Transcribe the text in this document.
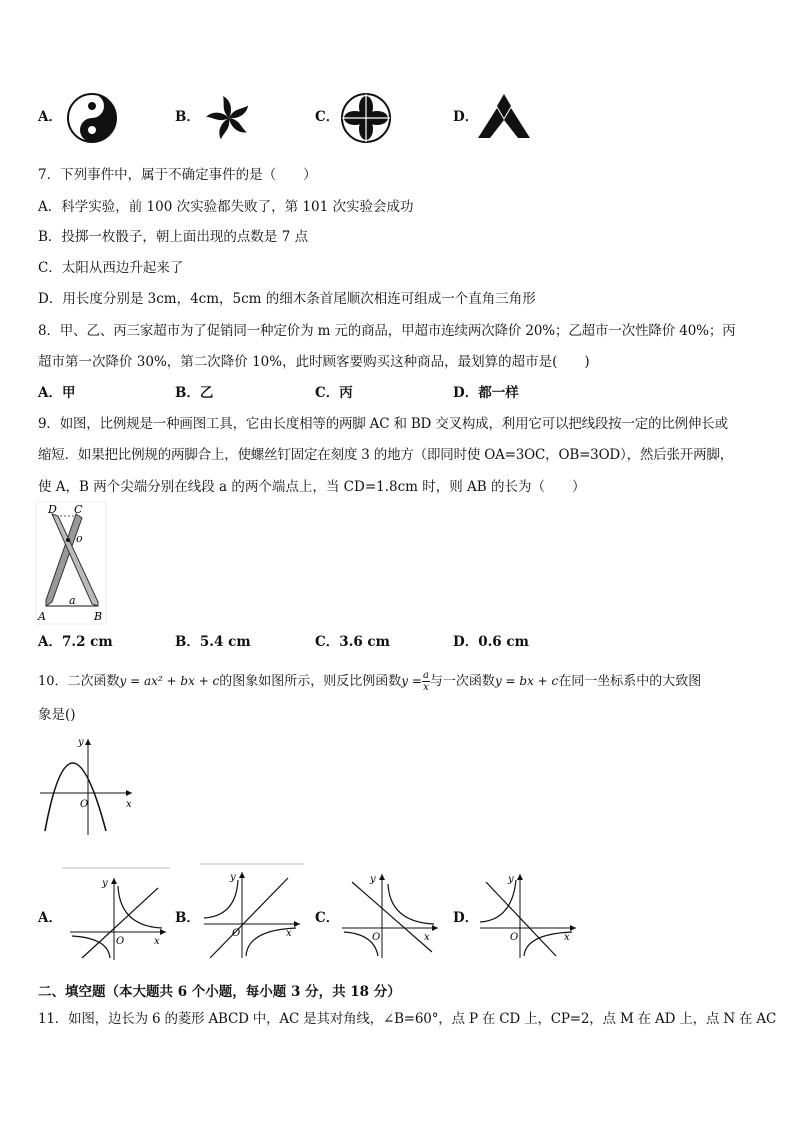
A．	B．	C．	D．
7．下列事件中，属于不确定事件的是（　　）
A．科学实验，前 100 次实验都失败了，第 101 次实验会成功
B．投掷一枚骰子，朝上面出现的点数是 7 点
C．太阳从西边升起来了
D．用长度分别是 3cm，4cm，5cm 的细木条首尾顺次相连可组成一个直角三角形
8．甲、乙、丙三家超市为了促销同一种定价为 m 元的商品，甲超市连续两次降价 20%；乙超市一次性降价 40%；丙
超市第一次降价 30%，第二次降价 10%，此时顾客要购买这种商品，最划算的超市是(　　)
A．甲	B．乙	C．丙	D．都一样
9．如图，比例规是一种画图工具，它由长度相等的两脚 AC 和 BD 交叉构成，利用它可以把线段按一定的比例伸长或
缩短．如果把比例规的两脚合上，使螺丝钉固定在刻度 3 的地方（即同时使 OA=3OC，OB=3OD），然后张开两脚，
使 A，B 两个尖端分别在线段 a 的两个端点上，当 CD=1.8cm 时，则 AB 的长为（　　）
D C
o
a
A	B
A．7.2 cm	B．5.4 cm	C．3.6 cm	D．0.6 cm
10．二次函数y = ax² + bx + c的图象如图所示，则反比例函数$y = \frac{a}{x}$ 与一次函数y = bx + c在同一坐标系中的大致图
象是()
y
x
O
A．
y
x
O
B．
y
x
O
C．
y
x
O
D．
y
x
O
二、填空题（本大题共 6 个小题，每小题 3 分，共 18 分）
11．如图，边长为 6 的菱形 ABCD 中，AC 是其对角线，∠B=60°，点 P 在 CD 上，CP=2，点 M 在 AD 上，点 N 在 AC
